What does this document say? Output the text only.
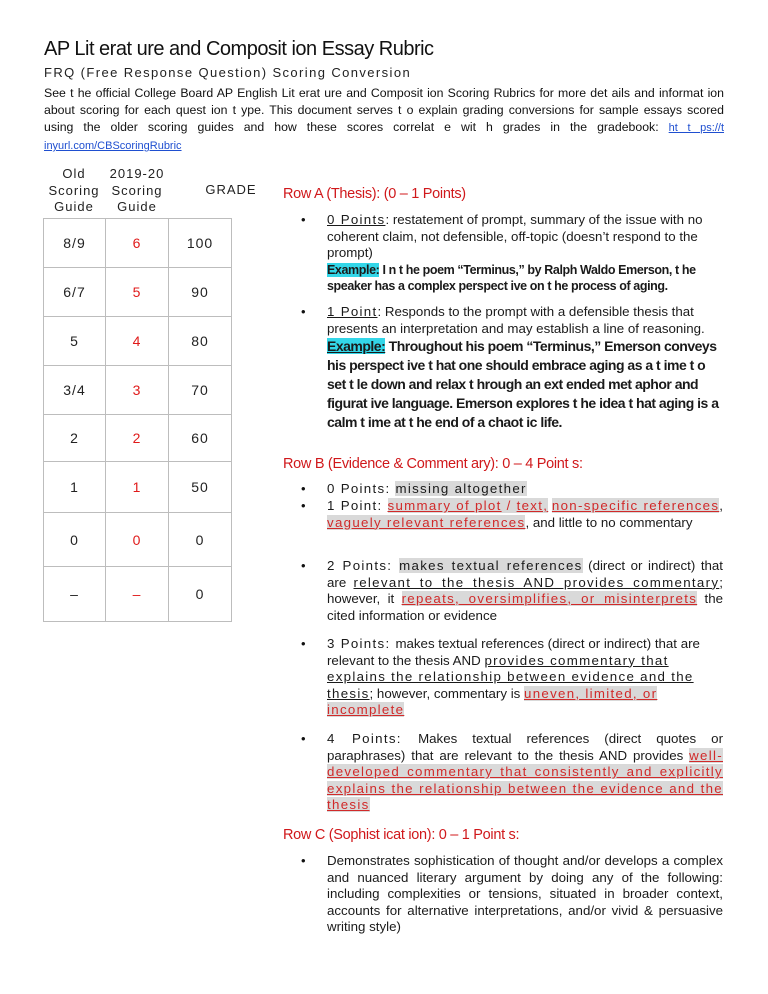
AP Lit erat ure and Composit ion Essay Rubric
FRQ (Free Response Question) Scoring Conversion
See t he official College Board AP English Lit erat ure and Composit ion Scoring Rubrics for more det ails and informat ion about scoring for each quest ion t ype. This document serves t o explain grading conversions for sample essays scored using the older scoring guides and how these scores correlat e wit h grades in the gradebook: ht t ps://t inyurl.com/CBScoringRubric
Old
Scoring
Guide
2019-20
Scoring
Guide
GRADE
8/9	6	100
6/7	5	90
5	4	80
3/4	3	70
2	2	60
1	1	50
0	0	0
–	–	0
Row A (Thesis): (0 – 1 Points)
• 0 Points: restatement of prompt, summary of the issue with no coherent claim, not defensible, off-topic (doesn’t respond to the prompt)
Example: I n t he poem “Terminus,” by Ralph Waldo Emerson, t he speaker has a complex perspect ive on t he process of aging.
• 1 Point: Responds to the prompt with a defensible thesis that presents an interpretation and may establish a line of reasoning.
Example: Throughout his poem “Terminus,” Emerson conveys his perspect ive t hat one should embrace aging as a t ime t o set t le down and relax t hrough an ext ended met aphor and figurat ive language. Emerson explores t he idea t hat aging is a calm t ime at t he end of a chaot ic life.
Row B (Evidence & Comment ary): 0 – 4 Point s:
• 0 Points: missing altogether
• 1 Point: summary of plot / text, non-specific references, vaguely relevant references, and little to no commentary
• 2 Points: makes textual references (direct or indirect) that are relevant to the thesis AND provides commentary; however, it repeats, oversimplifies, or misinterprets the cited information or evidence
• 3 Points: makes textual references (direct or indirect) that are relevant to the thesis AND provides commentary that explains the relationship between evidence and the thesis; however, commentary is uneven, limited, or incomplete
• 4 Points: Makes textual references (direct quotes or paraphrases) that are relevant to the thesis AND provides well-developed commentary that consistently and explicitly explains the relationship between the evidence and the thesis
Row C (Sophist icat ion): 0 – 1 Point s:
• Demonstrates sophistication of thought and/or develops a complex and nuanced literary argument by doing any of the following: including complexities or tensions, situated in broader context, accounts for alternative interpretations, and/or vivid & persuasive writing style)
